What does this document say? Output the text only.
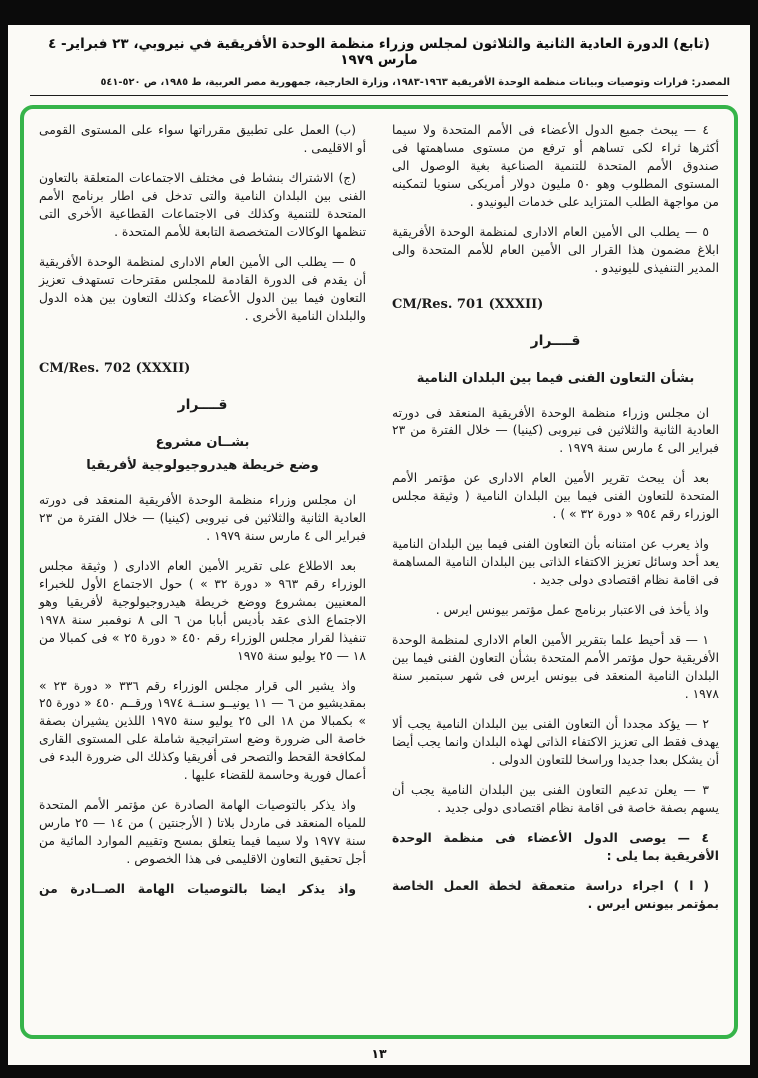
(تابع) الدورة العادية الثانية والثلاثون لمجلس وزراء منظمة الوحدة الأفريقية في نيروبي، ٢٣ فبراير- ٤ مارس ١٩٧٩
المصدر: قرارات وتوصيات وبيانات منظمة الوحدة الأفريقية ١٩٦٣-١٩٨٣، وزارة الخارجية، جمهورية مصر العربية، ط ١٩٨٥، ص ٥٢٠-٥٤١

٤ — يبحث جميع الدول الأعضاء فى الأمم المتحدة ولا سيما أكثرها ثراء لكى تساهم أو ترفع من مستوى مساهمتها فى صندوق الأمم المتحدة للتنمية الصناعية بغية الوصول الى المستوى المطلوب وهو ٥٠ مليون دولار أمريكى سنويا لتمكينه من مواجهة الطلب المتزايد على خدمات اليونيدو .

٥ — يطلب الى الأمين العام الادارى لمنظمة الوحدة الأفريقية ابلاغ مضمون هذا القرار الى الأمين العام للأمم المتحدة والى المدير التنفيذى لليونيدو .

CM/Res. 701 (XXXII)

قــــرار

بشأن التعاون الفنى فيما بين البلدان النامية

ان مجلس وزراء منظمة الوحدة الأفريقية المنعقد فى دورته العادية الثانية والثلاثين فى نيروبى (كينيا) — خلال الفترة من ٢٣ فبراير الى ٤ مارس سنة ١٩٧٩ .

بعد أن يبحث تقرير الأمين العام الادارى عن مؤتمر الأمم المتحدة للتعاون الفنى فيما بين البلدان النامية ( وثيقة مجلس الوزراء رقم ٩٥٤ « دورة ٣٢ » ) .

واذ يعرب عن امتنانه بأن التعاون الفنى فيما بين البلدان النامية يعد أحد وسائل تعزيز الاكتفاء الذاتى بين البلدان النامية المساهمة فى اقامة نظام اقتصادى دولى جديد .

واذ يأخذ فى الاعتبار برنامج عمل مؤتمر بيونس ايرس .

١ — قد أحيط علما بتقرير الأمين العام الادارى لمنظمة الوحدة الأفريقية حول مؤتمر الأمم المتحدة بشأن التعاون الفنى فيما بين البلدان النامية المنعقد فى بيونس ايرس فى شهر سبتمبر سنة ١٩٧٨ .

٢ — يؤكد مجددا أن التعاون الفنى بين البلدان النامية يجب ألا يهدف فقط الى تعزيز الاكتفاء الذاتى لهذه البلدان وانما يجب أيضا أن يشكل بعدا جديدا وراسخا للتعاون الدولى .

٣ — يعلن تدعيم التعاون الفنى بين البلدان النامية يجب أن يسهم بصفة خاصة فى اقامة نظام اقتصادى دولى جديد .

٤ — يوصى الدول الأعضاء فى منظمة الوحدة الأفريقية بما يلى :

( ا ) اجراء دراسة متعمقة لخطة العمل الخاصة بمؤتمر بيونس ايرس .

(ب) العمل على تطبيق مقرراتها سواء على المستوى القومى أو الاقليمى .

(ج) الاشتراك بنشاط فى مختلف الاجتماعات المتعلقة بالتعاون الفنى بين البلدان النامية والتى تدخل فى اطار برنامج الأمم المتحدة للتنمية وكذلك فى الاجتماعات القطاعية الأخرى التى تنظمها الوكالات المتخصصة التابعة للأمم المتحدة .

٥ — يطلب الى الأمين العام الادارى لمنظمة الوحدة الأفريقية أن يقدم فى الدورة القادمة للمجلس مقترحات تستهدف تعزيز التعاون فيما بين الدول الأعضاء وكذلك التعاون بين هذه الدول والبلدان النامية الأخرى .

CM/Res. 702 (XXXII)

قــــرار

بشــان مشروع

وضع خريطة هيدروجيولوجية لأفريقيا

ان مجلس وزراء منظمة الوحدة الأفريقية المنعقد فى دورته العادية الثانية والثلاثين فى نيروبى (كينيا) — خلال الفترة من ٢٣ فبراير الى ٤ مارس سنة ١٩٧٩ .

بعد الاطلاع على تقرير الأمين العام الادارى ( وثيقة مجلس الوزراء رقم ٩٦٣ « دورة ٣٢ » ) حول الاجتماع الأول للخبراء المعنيين بمشروع ووضع خريطة هيدروجيولوجية لأفريقيا وهو الاجتماع الذى عقد بأديس أبابا من ٦ الى ٨ نوفمبر سنة ١٩٧٨ تنفيذا لقرار مجلس الوزراء رقم ٤٥٠ « دورة ٢٥ » فى كمبالا من ١٨ — ٢٥ يوليو سنة ١٩٧٥

واذ يشير الى قرار مجلس الوزراء رقم ٣٣٦ « دورة ٢٣ » بمقديشيو من ٦ — ١١ يونيــو سنــة ١٩٧٤ ورقــم ٤٥٠ « دورة ٢٥ » بكمبالا من ١٨ الى ٢٥ يوليو سنة ١٩٧٥ اللذين يشيران بصفة خاصة الى ضرورة وضع استراتيجية شاملة على المستوى القارى لمكافحة القحط والتصحر فى أفريقيا وكذلك الى ضرورة البدء فى أعمال فورية وحاسمة للقضاء عليها .

واذ يذكر بالتوصيات الهامة الصادرة عن مؤتمر الأمم المتحدة للمياه المنعقد فى ماردل بلاتا ( الأرجنتين ) من ١٤ — ٢٥ مارس سنة ١٩٧٧ ولا سيما فيما يتعلق بمسح وتقييم الموارد المائية من أجل تحقيق التعاون الاقليمى فى هذا الخصوص .

واذ يذكر ايضا بالتوصيات الهامة الصــادرة من

١٣
